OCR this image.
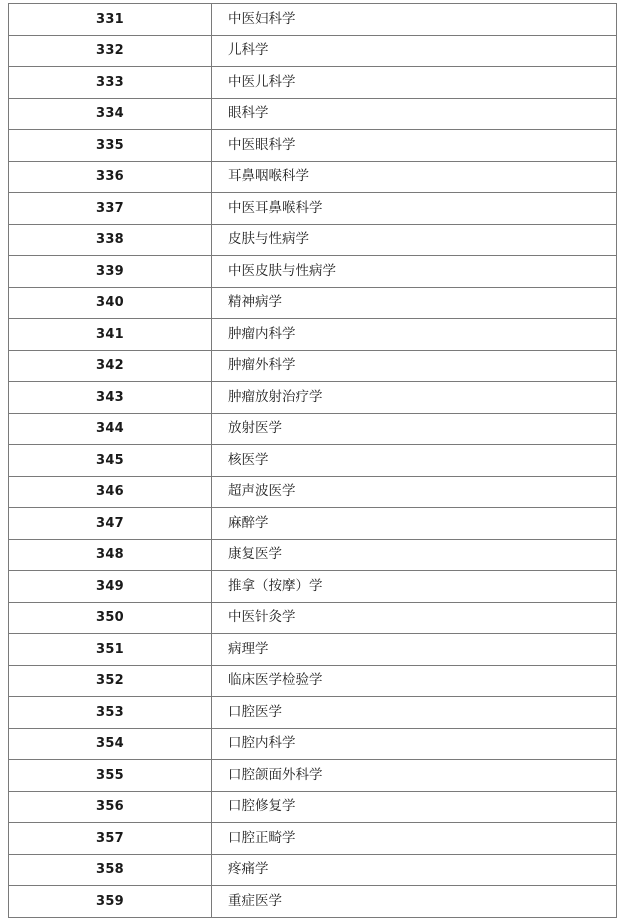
331	中医妇科学
332	儿科学
333	中医儿科学
334	眼科学
335	中医眼科学
336	耳鼻咽喉科学
337	中医耳鼻喉科学
338	皮肤与性病学
339	中医皮肤与性病学
340	精神病学
341	肿瘤内科学
342	肿瘤外科学
343	肿瘤放射治疗学
344	放射医学
345	核医学
346	超声波医学
347	麻醉学
348	康复医学
349	推拿（按摩）学
350	中医针灸学
351	病理学
352	临床医学检验学
353	口腔医学
354	口腔内科学
355	口腔颌面外科学
356	口腔修复学
357	口腔正畸学
358	疼痛学
359	重症医学
